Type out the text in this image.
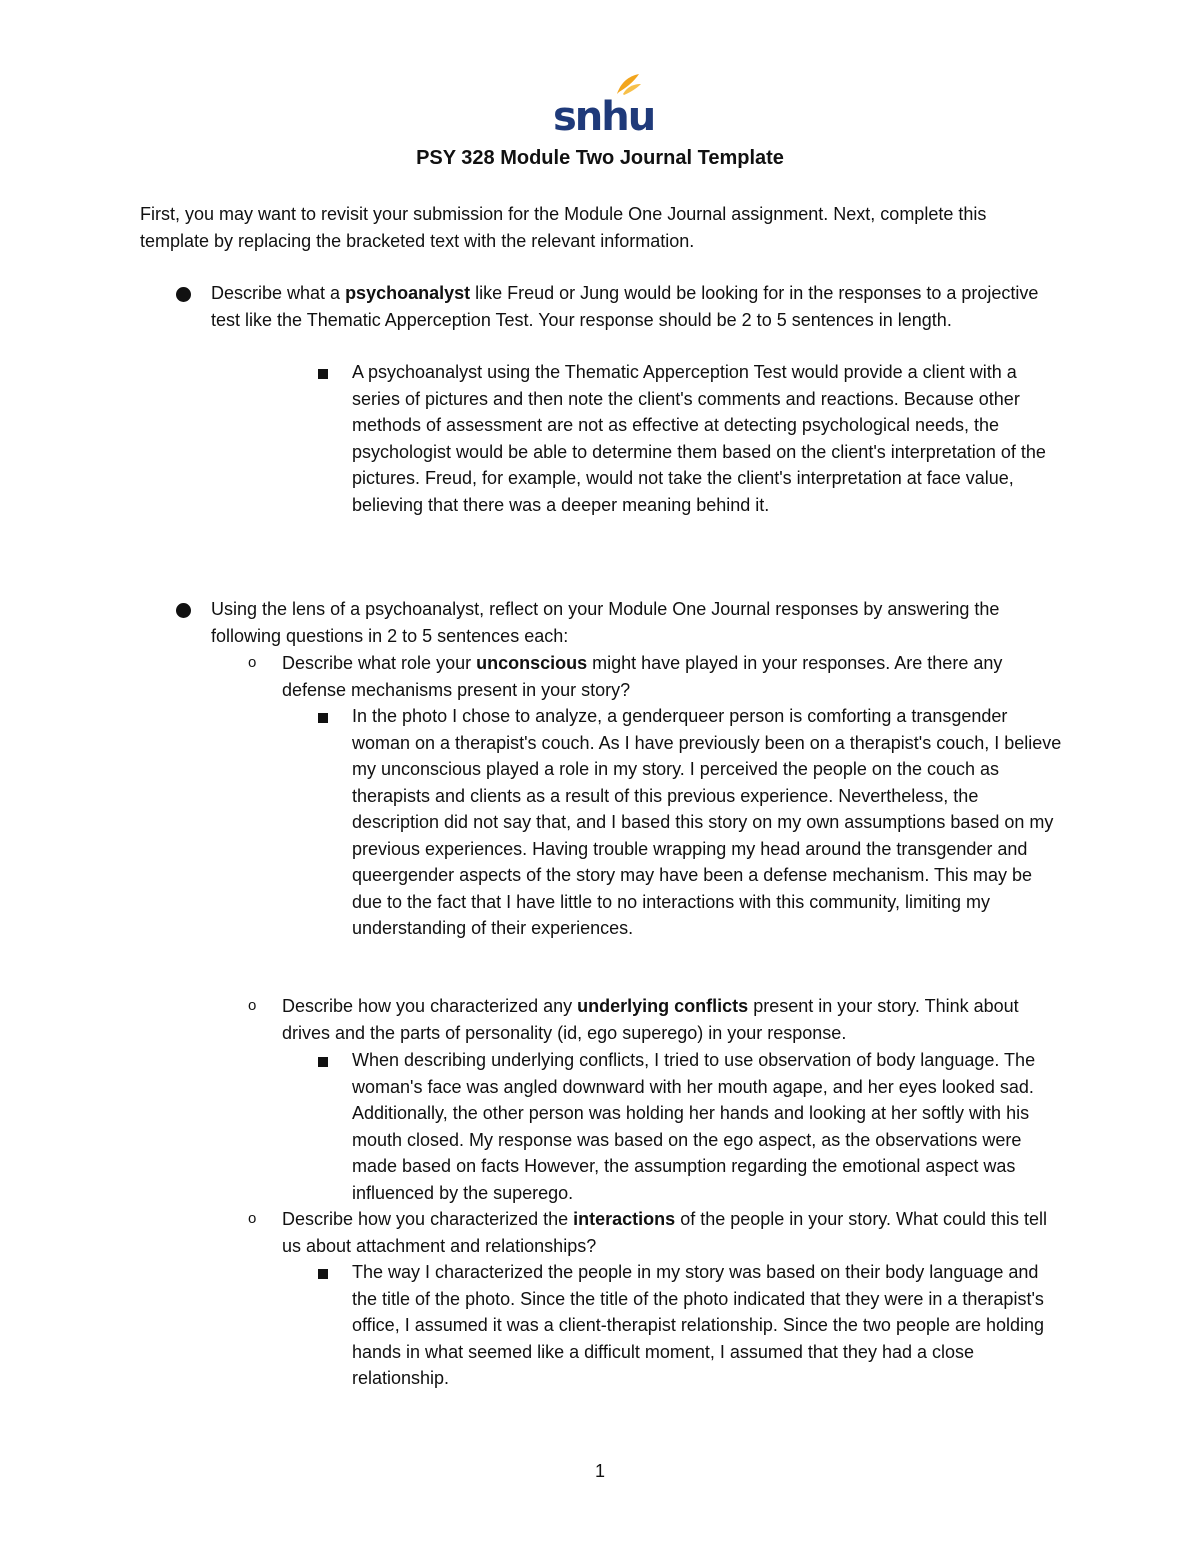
snhu
PSY 328 Module Two Journal Template
First, you may want to revisit your submission for the Module One Journal assignment. Next, complete this template by replacing the bracketed text with the relevant information.
Describe what a psychoanalyst like Freud or Jung would be looking for in the responses to a projective test like the Thematic Apperception Test. Your response should be 2 to 5 sentences in length.
A psychoanalyst using the Thematic Apperception Test would provide a client with a series of pictures and then note the client's comments and reactions. Because other methods of assessment are not as effective at detecting psychological needs, the psychologist would be able to determine them based on the client's interpretation of the pictures. Freud, for example, would not take the client's interpretation at face value, believing that there was a deeper meaning behind it.
Using the lens of a psychoanalyst, reflect on your Module One Journal responses by answering the following questions in 2 to 5 sentences each:
o Describe what role your unconscious might have played in your responses. Are there any defense mechanisms present in your story?
In the photo I chose to analyze, a genderqueer person is comforting a transgender woman on a therapist's couch. As I have previously been on a therapist's couch, I believe my unconscious played a role in my story. I perceived the people on the couch as therapists and clients as a result of this previous experience. Nevertheless, the description did not say that, and I based this story on my own assumptions based on my previous experiences. Having trouble wrapping my head around the transgender and queergender aspects of the story may have been a defense mechanism. This may be due to the fact that I have little to no interactions with this community, limiting my understanding of their experiences.
o Describe how you characterized any underlying conflicts present in your story. Think about drives and the parts of personality (id, ego superego) in your response.
When describing underlying conflicts, I tried to use observation of body language. The woman's face was angled downward with her mouth agape, and her eyes looked sad. Additionally, the other person was holding her hands and looking at her softly with his mouth closed. My response was based on the ego aspect, as the observations were made based on facts However, the assumption regarding the emotional aspect was influenced by the superego.
o Describe how you characterized the interactions of the people in your story. What could this tell us about attachment and relationships?
The way I characterized the people in my story was based on their body language and the title of the photo. Since the title of the photo indicated that they were in a therapist's office, I assumed it was a client-therapist relationship. Since the two people are holding hands in what seemed like a difficult moment, I assumed that they had a close relationship.
1
